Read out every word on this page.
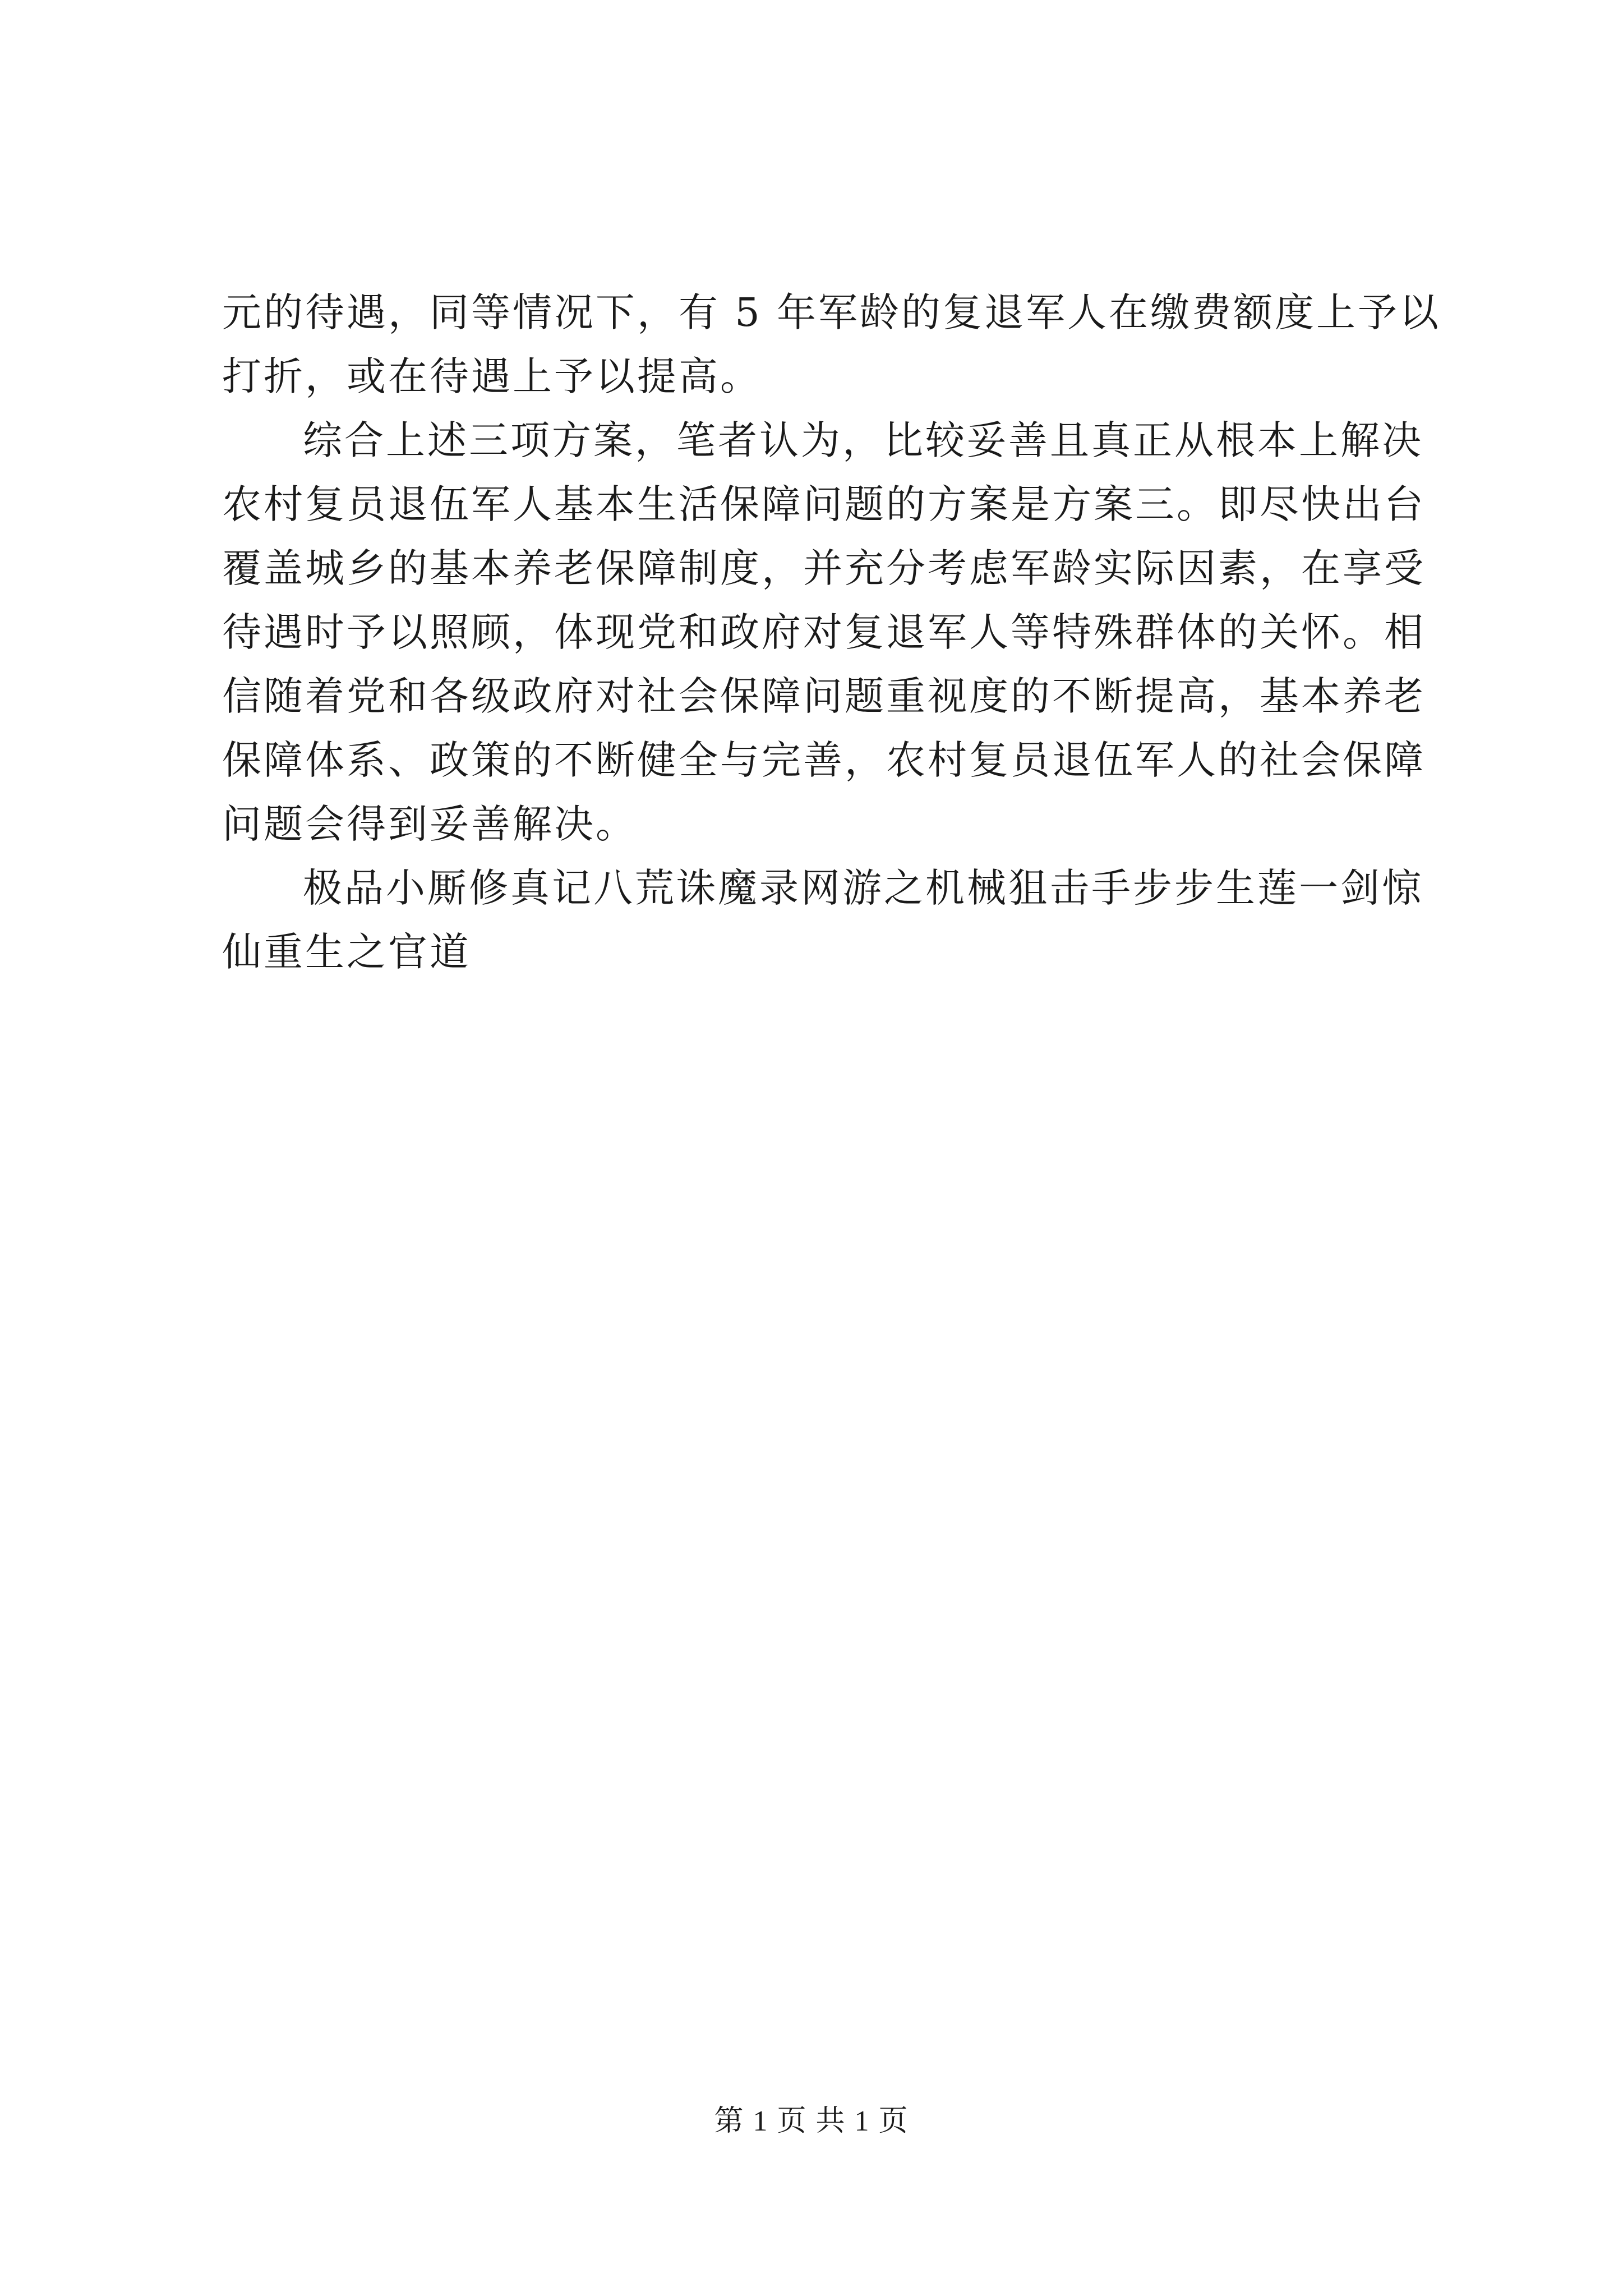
元的待遇，同等情况下，有 5 年军龄的复退军人在缴费额度上予以打折，或在待遇上予以提高。

综合上述三项方案，笔者认为，比较妥善且真正从根本上解决农村复员退伍军人基本生活保障问题的方案是方案三。即尽快出台覆盖城乡的基本养老保障制度，并充分考虑军龄实际因素，在享受待遇时予以照顾，体现党和政府对复退军人等特殊群体的关怀。相信随着党和各级政府对社会保障问题重视度的不断提高，基本养老保障体系、政策的不断健全与完善，农村复员退伍军人的社会保障问题会得到妥善解决。

极品小厮修真记八荒诛魔录网游之机械狙击手步步生莲一剑惊仙重生之官道

第 1 页 共 1 页
